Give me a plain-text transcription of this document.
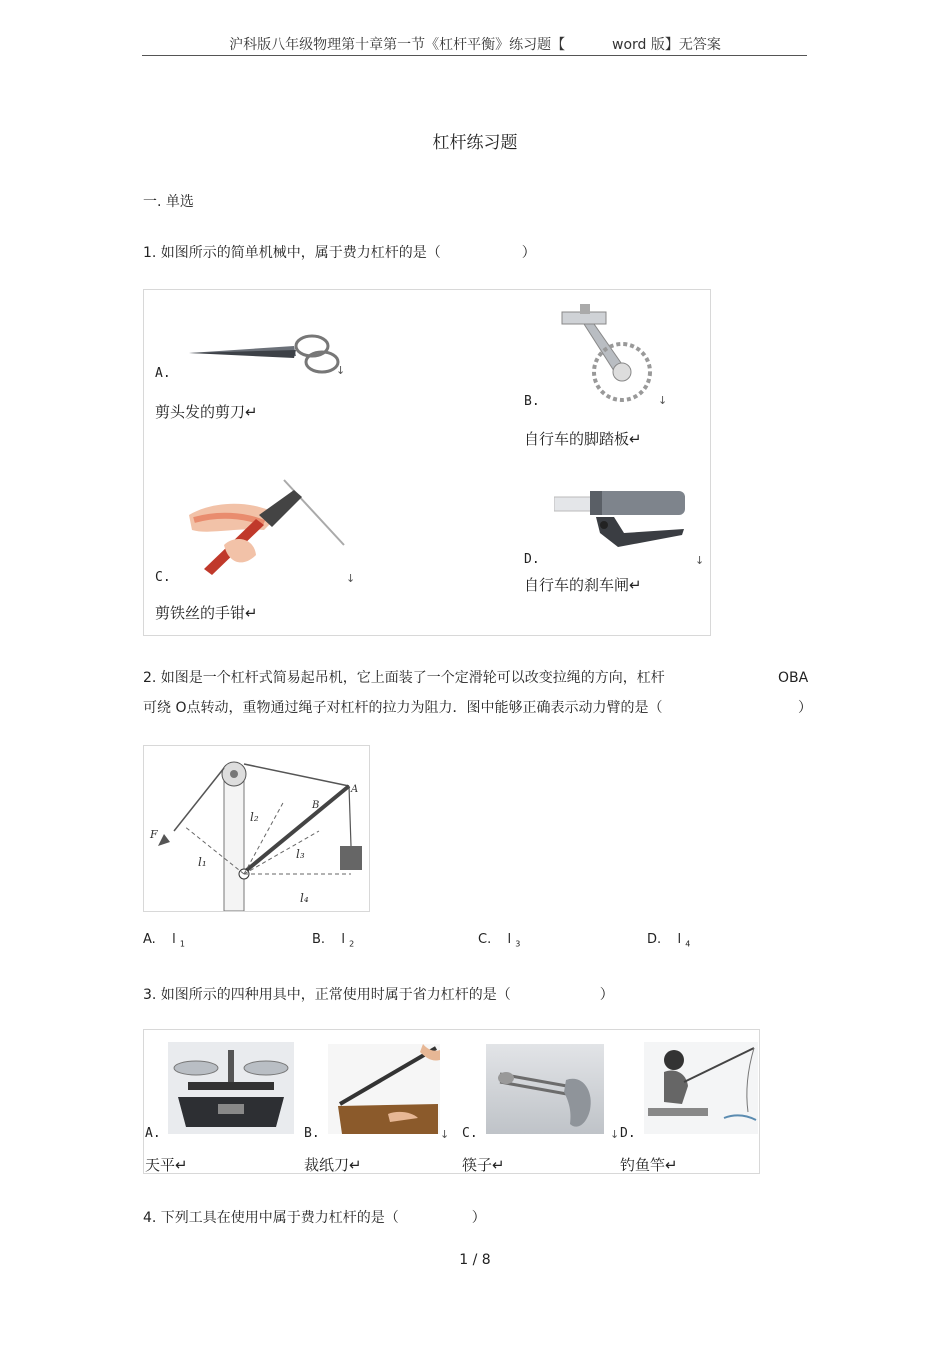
沪科版八年级物理第十章第一节《杠杆平衡》练习题【	word 版】无答案
杠杆练习题
一. 单选
1. 如图所示的简单机械中，属于费力杠杆的是（	）
A.	↓
剪头发的剪刀↵
B.	↓
自行车的脚踏板↵
C.	↓
剪铁丝的手钳↵
D.	↓
自行车的刹车闸↵
2. 如图是一个杠杆式简易起吊机，它上面装了一个定滑轮可以改变拉绳的方向，杠杆	OBA
可绕 O点转动，重物通过绳子对杠杆的拉力为阻力．图中能够正确表示动力臂的是（	）
F
A
B
l₁
l₂
l₃
l₄
A. l $_1$	B. l $_2$	C. l $_3$	D. l $_4$
3. 如图所示的四种用具中，正常使用时属于省力杠杆的是（	）
A.
天平↵
B.	↓
裁纸刀↵
C.	↓
筷子↵
D.
钓鱼竿↵
4. 下列工具在使用中属于费力杠杆的是（	）
1 / 8
